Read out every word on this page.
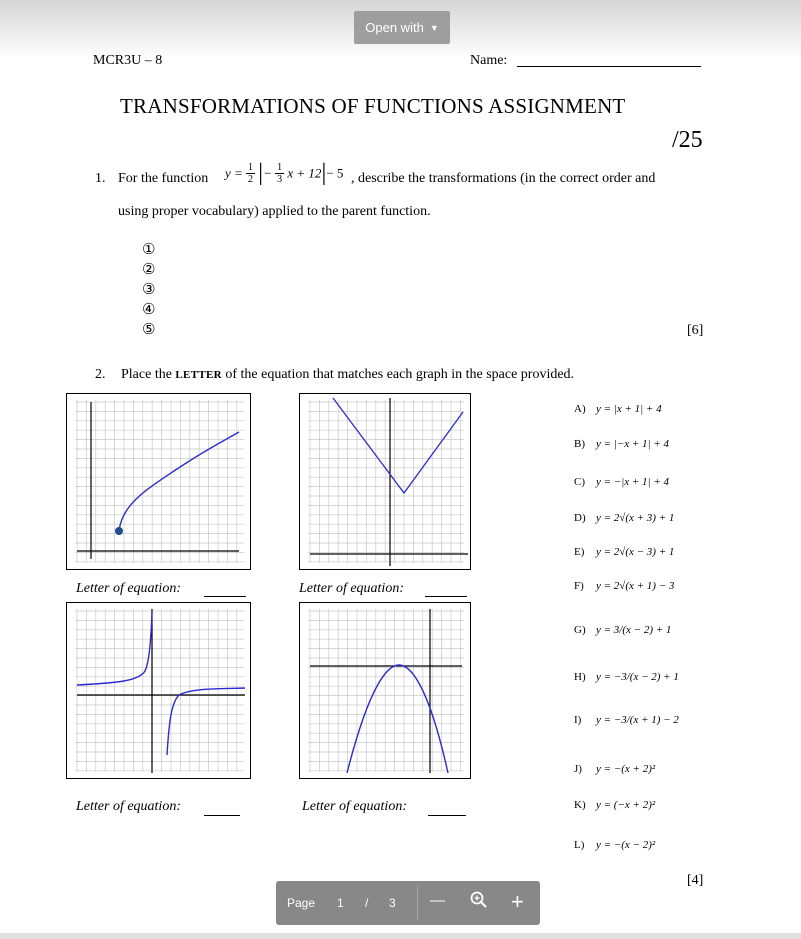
Open with ▼
MCR3U – 8	Name:
TRANSFORMATIONS OF FUNCTIONS ASSIGNMENT
/25
1. For the function $y = \frac{1}{2}$ |− $\frac{1}{3}$ x + 12|− 5 , describe the transformations (in the correct order and
using proper vocabulary) applied to the parent function.
①
②
③
④
⑤	[6]
2. Place the LETTER of the equation that matches each graph in the space provided.
Letter of equation:	Letter of equation:
Letter of equation:	Letter of equation:
A) y = |x + 1| + 4
B) y = |−x + 1| + 4
C) y = −|x + 1| + 4
D) y = 2√(x + 3) + 1
E) y = 2√(x − 3) + 1
F) y = 2√(x + 1) − 3
G) y = 3/(x − 2) + 1
H) y = −3/(x − 2) + 1
I) y = −3/(x + 1) − 2
J) y = −(x + 2)²
K) y = (−x + 2)²
L) y = −(x − 2)²
[4]
Page 1 / 3 —	+
